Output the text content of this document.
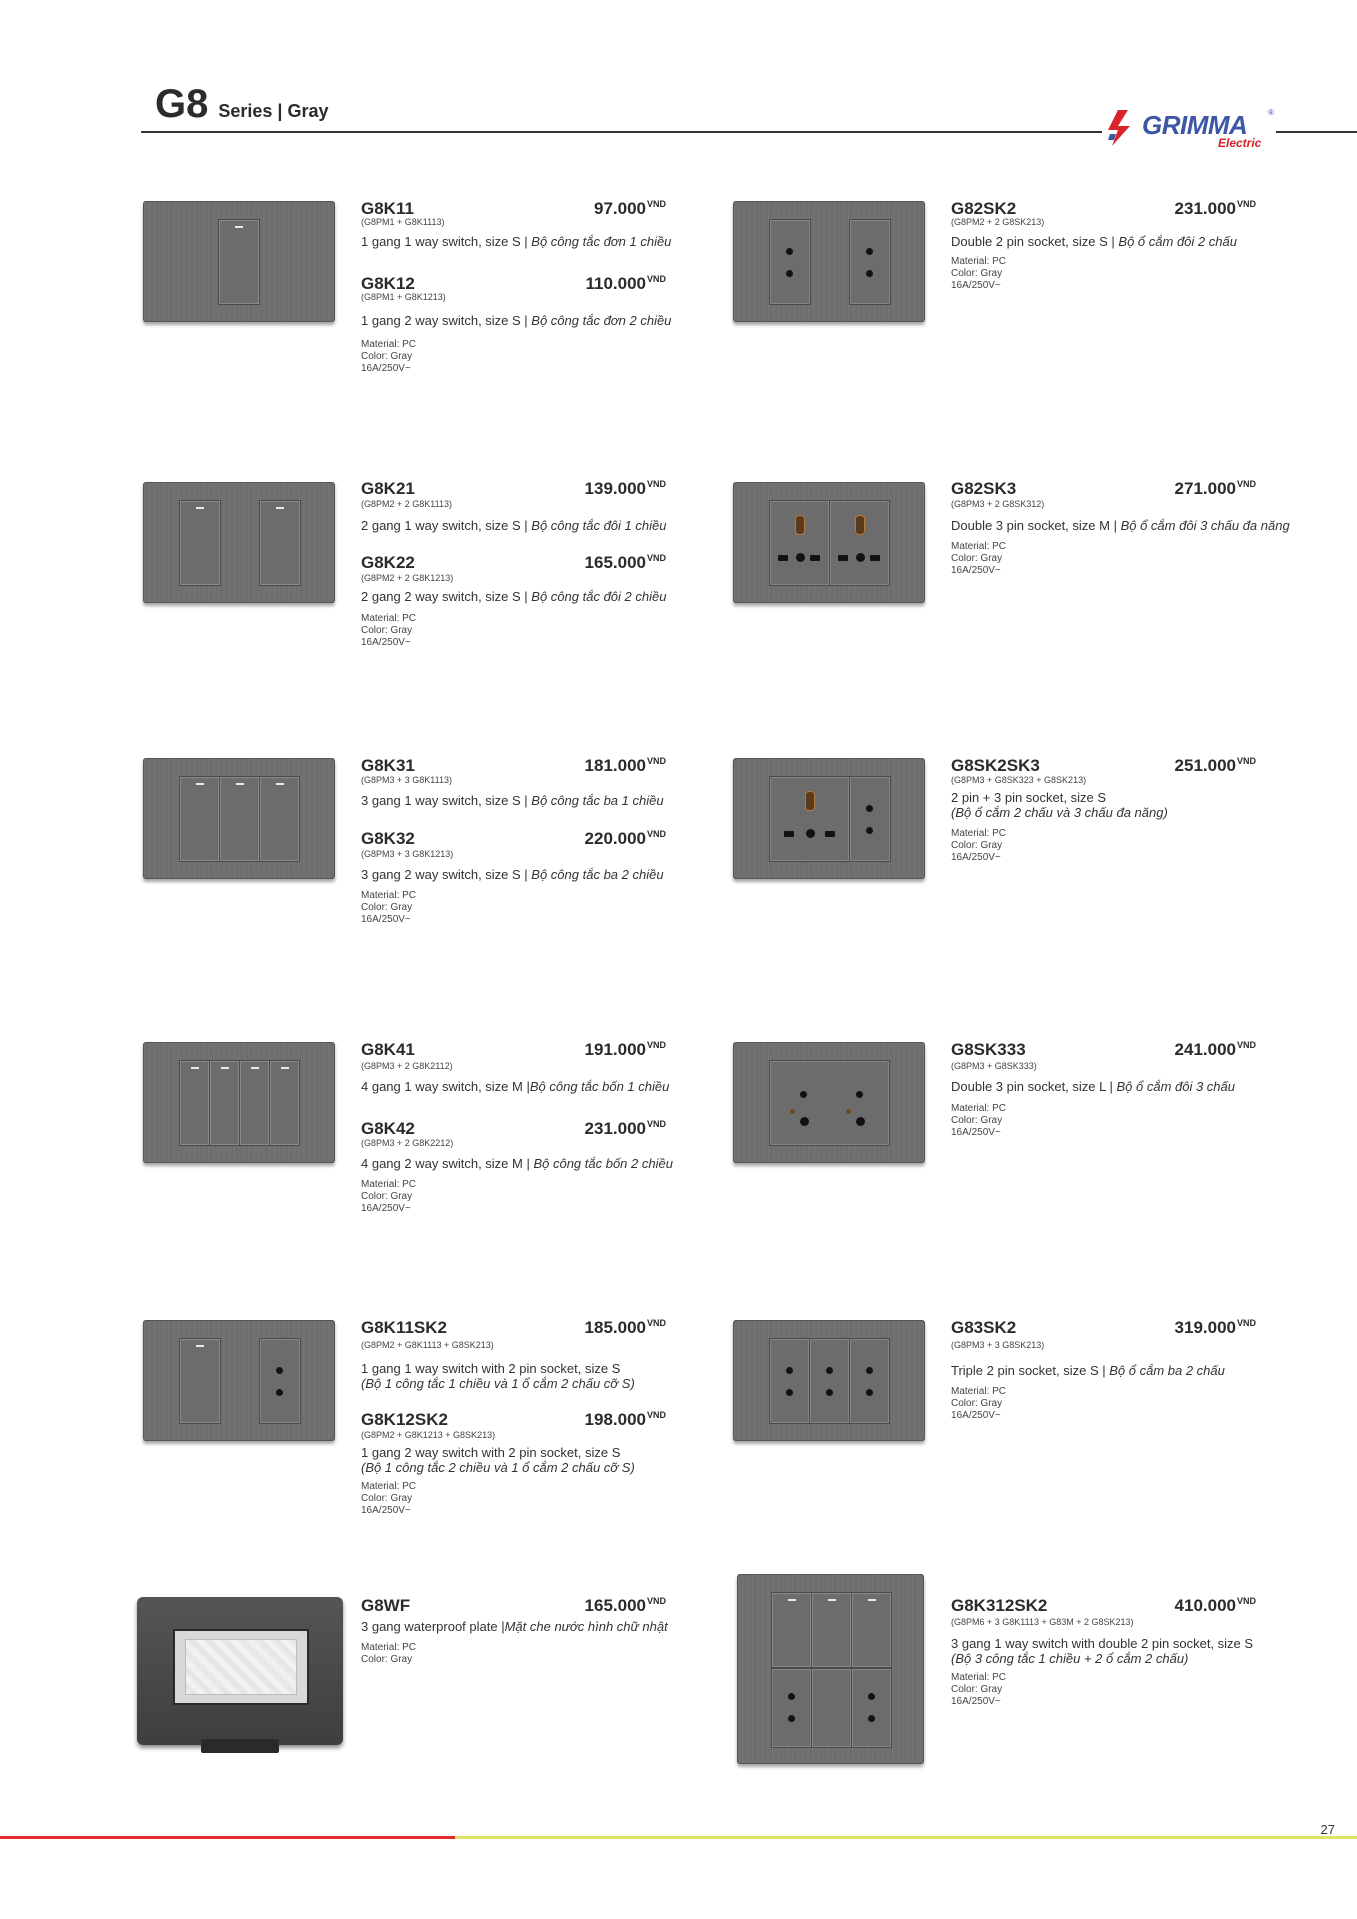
G8 Series | Gray	GRIMMA
Electric
®
G8K11	$97.000^{VND}$
(G8PM1 + G8K1113)
1 gang 1 way switch, size S | Bộ công tắc đơn 1 chiều
G8K12	$110.000^{VND}$
(G8PM1 + G8K1213)
1 gang 2 way switch, size S | Bộ công tắc đơn 2 chiều
Material: PC
Color: Gray
16A/250V~
G8K21	$139.000^{VND}$
(G8PM2 + 2 G8K1113)
2 gang 1 way switch, size S | Bộ công tắc đôi 1 chiều
G8K22	$165.000^{VND}$
(G8PM2 + 2 G8K1213)
2 gang 2 way switch, size S | Bộ công tắc đôi 2 chiều
Material: PC
Color: Gray
16A/250V~
G8K31	$181.000^{VND}$
(G8PM3 + 3 G8K1113)
3 gang 1 way switch, size S | Bộ công tắc ba 1 chiều
G8K32	$220.000^{VND}$
(G8PM3 + 3 G8K1213)
3 gang 2 way switch, size S | Bộ công tắc ba 2 chiều
Material: PC
Color: Gray
16A/250V~
G8K41	$191.000^{VND}$
(G8PM3 + 2 G8K2112)
4 gang 1 way switch, size M |Bộ công tắc bốn 1 chiều
G8K42	$231.000^{VND}$
(G8PM3 + 2 G8K2212)
4 gang 2 way switch, size M | Bộ công tắc bốn 2 chiều
Material: PC
Color: Gray
16A/250V~
G8K11SK2	$185.000^{VND}$
(G8PM2 + G8K1113 + G8SK213)
1 gang 1 way switch with 2 pin socket, size S
(Bộ 1 công tắc 1 chiều và 1 ổ cắm 2 chấu cỡ S)
G8K12SK2	$198.000^{VND}$
(G8PM2 + G8K1213 + G8SK213)
1 gang 2 way switch with 2 pin socket, size S
(Bộ 1 công tắc 2 chiều và 1 ổ cắm 2 chấu cỡ S)
Material: PC
Color: Gray
16A/250V~
G8WF	$165.000^{VND}$
3 gang waterproof plate |Mặt che nước hình chữ nhật
Material: PC
Color: Gray
G82SK2	$231.000^{VND}$
(G8PM2 + 2 G8SK213)
Double 2 pin socket, size S | Bộ ổ cắm đôi 2 chấu
Material: PC
Color: Gray
16A/250V~
G82SK3	$271.000^{VND}$
(G8PM3 + 2 G8SK312)
Double 3 pin socket, size M | Bộ ổ cắm đôi 3 chấu đa năng
Material: PC
Color: Gray
16A/250V~
G8SK2SK3	$251.000^{VND}$
(G8PM3 + G8SK323 + G8SK213)
2 pin + 3 pin socket, size S
(Bộ ổ cắm 2 chấu và 3 chấu đa năng)
Material: PC
Color: Gray
16A/250V~
G8SK333	$241.000^{VND}$
(G8PM3 + G8SK333)
Double 3 pin socket, size L | Bộ ổ cắm đôi 3 chấu
Material: PC
Color: Gray
16A/250V~
G83SK2	$319.000^{VND}$
(G8PM3 + 3 G8SK213)
Triple 2 pin socket, size S | Bộ ổ cắm ba 2 chấu
Material: PC
Color: Gray
16A/250V~
G8K312SK2	$410.000^{VND}$
(G8PM6 + 3 G8K1113 + G83M + 2 G8SK213)
3 gang 1 way switch with double 2 pin socket, size S
(Bộ 3 công tắc 1 chiều + 2 ổ cắm 2 chấu)
Material: PC
Color: Gray
16A/250V~
27
